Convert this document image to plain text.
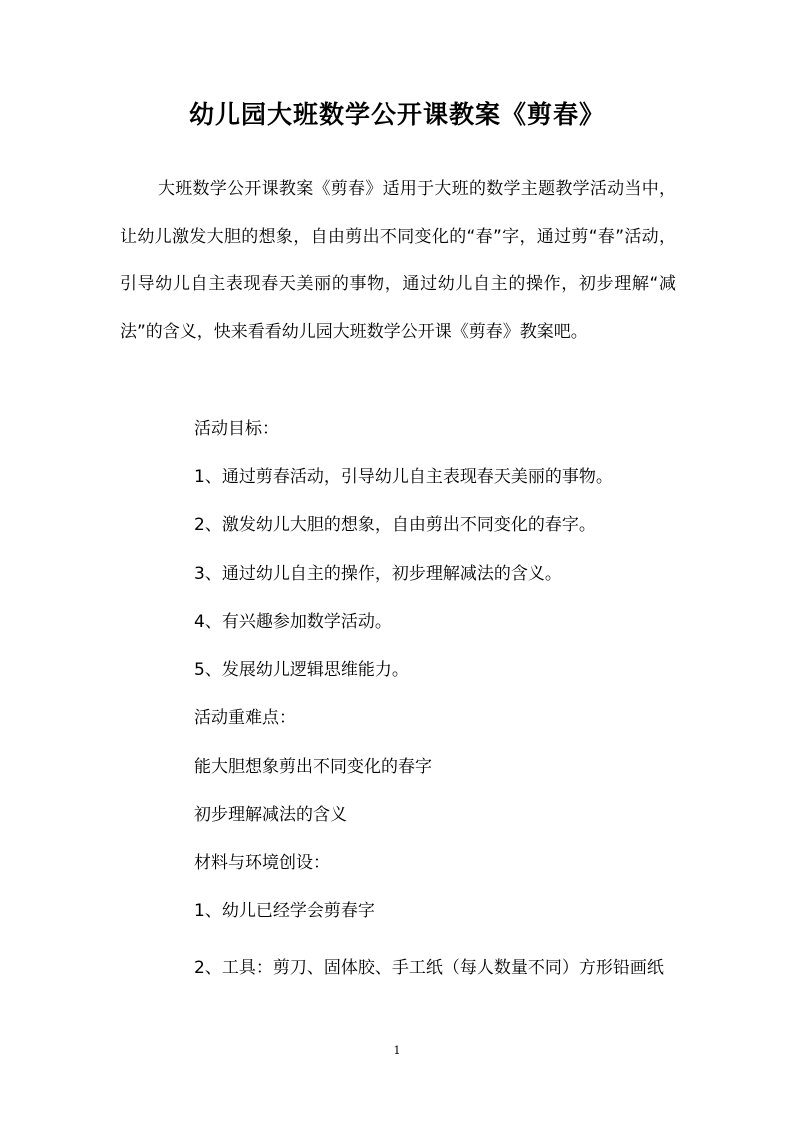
幼儿园大班数学公开课教案《剪春》

大班数学公开课教案《剪春》适用于大班的数学主题教学活动当中，让幼儿激发大胆的想象，自由剪出不同变化的“春”字，通过剪“春”活动，引导幼儿自主表现春天美丽的事物，通过幼儿自主的操作，初步理解“减法”的含义，快来看看幼儿园大班数学公开课《剪春》教案吧。

活动目标：

1、通过剪春活动，引导幼儿自主表现春天美丽的事物。

2、激发幼儿大胆的想象，自由剪出不同变化的春字。

3、通过幼儿自主的操作，初步理解减法的含义。

4、有兴趣参加数学活动。

5、发展幼儿逻辑思维能力。

活动重难点：

能大胆想象剪出不同变化的春字

初步理解减法的含义

材料与环境创设：

1、幼儿已经学会剪春字

2、工具：剪刀、固体胶、手工纸（每人数量不同）方形铅画纸

1
